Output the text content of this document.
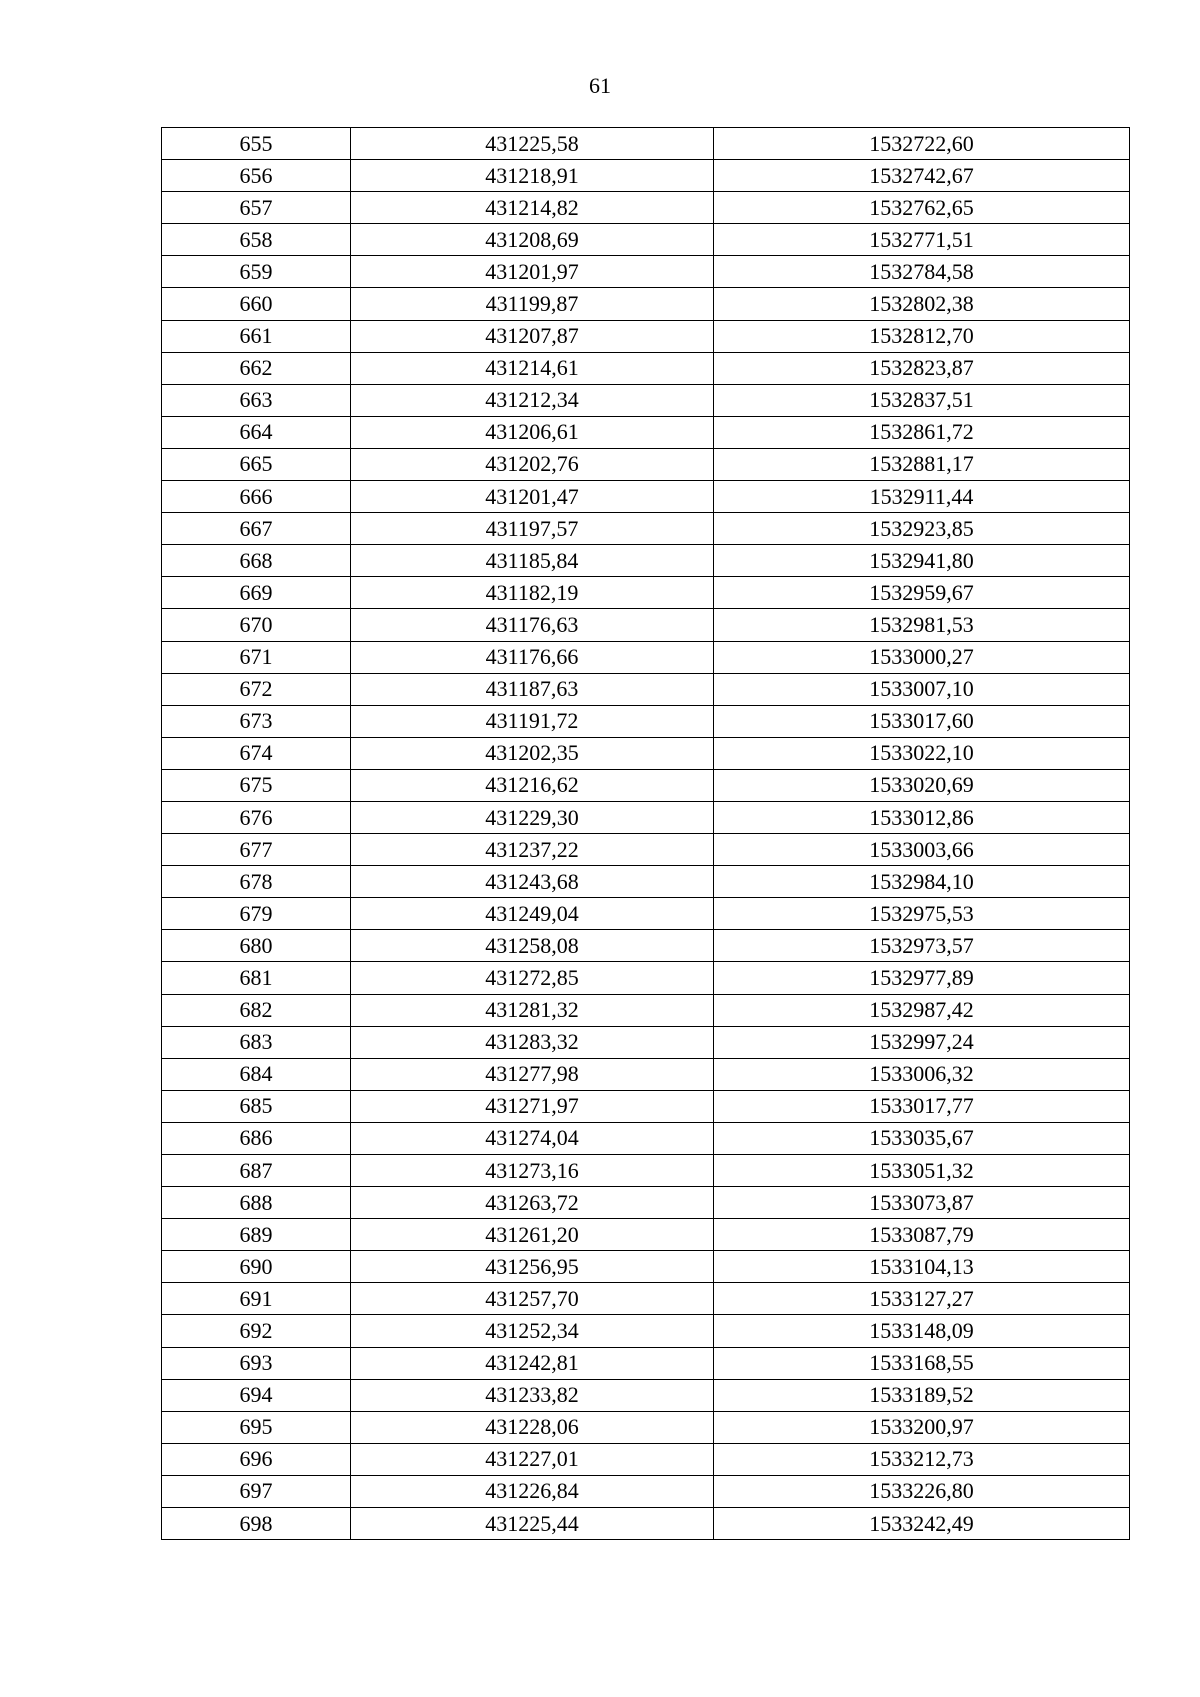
61
655	431225,58	1532722,60
656	431218,91	1532742,67
657	431214,82	1532762,65
658	431208,69	1532771,51
659	431201,97	1532784,58
660	431199,87	1532802,38
661	431207,87	1532812,70
662	431214,61	1532823,87
663	431212,34	1532837,51
664	431206,61	1532861,72
665	431202,76	1532881,17
666	431201,47	1532911,44
667	431197,57	1532923,85
668	431185,84	1532941,80
669	431182,19	1532959,67
670	431176,63	1532981,53
671	431176,66	1533000,27
672	431187,63	1533007,10
673	431191,72	1533017,60
674	431202,35	1533022,10
675	431216,62	1533020,69
676	431229,30	1533012,86
677	431237,22	1533003,66
678	431243,68	1532984,10
679	431249,04	1532975,53
680	431258,08	1532973,57
681	431272,85	1532977,89
682	431281,32	1532987,42
683	431283,32	1532997,24
684	431277,98	1533006,32
685	431271,97	1533017,77
686	431274,04	1533035,67
687	431273,16	1533051,32
688	431263,72	1533073,87
689	431261,20	1533087,79
690	431256,95	1533104,13
691	431257,70	1533127,27
692	431252,34	1533148,09
693	431242,81	1533168,55
694	431233,82	1533189,52
695	431228,06	1533200,97
696	431227,01	1533212,73
697	431226,84	1533226,80
698	431225,44	1533242,49
